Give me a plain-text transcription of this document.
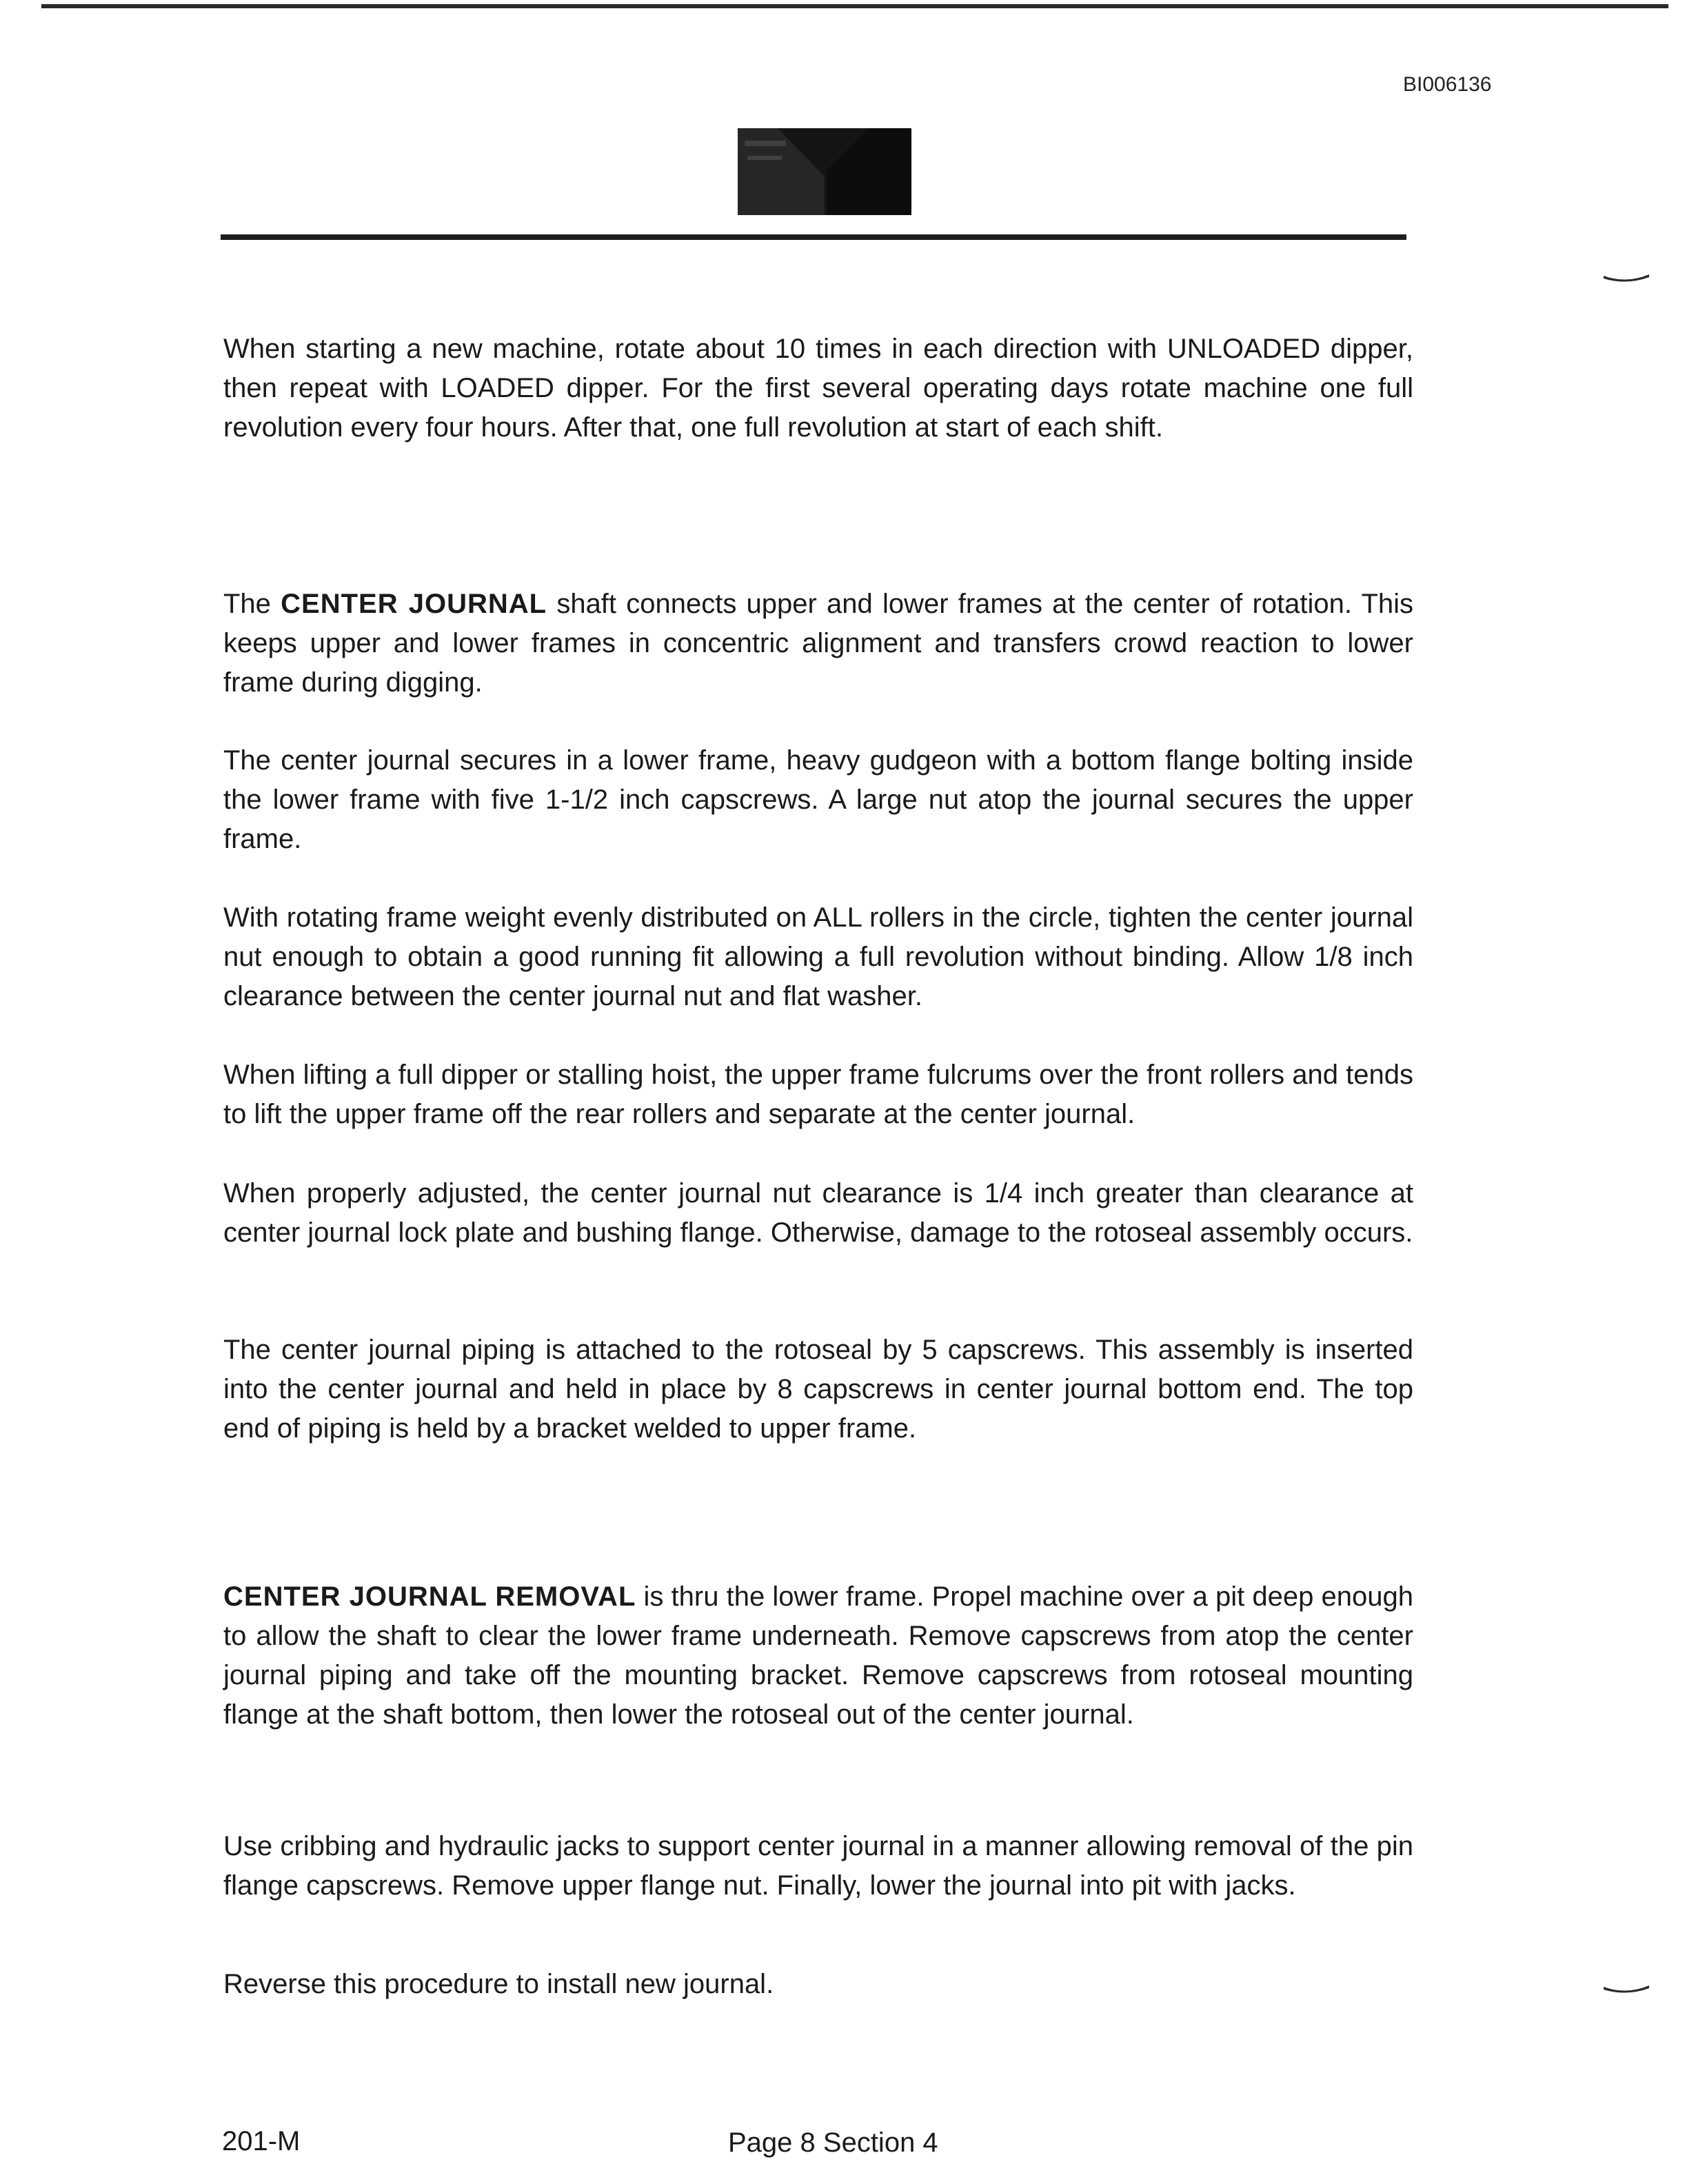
BI006136

When starting a new machine, rotate about 10 times in each direction with UNLOADED dipper, then repeat with LOADED dipper. For the first several operating days rotate machine one full revolution every four hours. After that, one full revolution at start of each shift.

The CENTER JOURNAL shaft connects upper and lower frames at the center of rotation. This keeps upper and lower frames in concentric alignment and transfers crowd reaction to lower frame during digging.

The center journal secures in a lower frame, heavy gudgeon with a bottom flange bolting inside the lower frame with five 1-1/2 inch capscrews. A large nut atop the journal secures the upper frame.

With rotating frame weight evenly distributed on ALL rollers in the circle, tighten the center journal nut enough to obtain a good running fit allowing a full revolution without binding. Allow 1/8 inch clearance between the center journal nut and flat washer.

When lifting a full dipper or stalling hoist, the upper frame fulcrums over the front rollers and tends to lift the upper frame off the rear rollers and separate at the center journal.

When properly adjusted, the center journal nut clearance is 1/4 inch greater than clearance at center journal lock plate and bushing flange. Otherwise, damage to the rotoseal assembly occurs.

The center journal piping is attached to the rotoseal by 5 capscrews. This assembly is inserted into the center journal and held in place by 8 capscrews in center journal bottom end. The top end of piping is held by a bracket welded to upper frame.

CENTER JOURNAL REMOVAL is thru the lower frame. Propel machine over a pit deep enough to allow the shaft to clear the lower frame underneath. Remove capscrews from atop the center journal piping and take off the mounting bracket. Remove capscrews from rotoseal mounting flange at the shaft bottom, then lower the rotoseal out of the center journal.

Use cribbing and hydraulic jacks to support center journal in a manner allowing removal of the pin flange capscrews. Remove upper flange nut. Finally, lower the journal into pit with jacks.

Reverse this procedure to install new journal.

201-M	Page 8 Section 4
